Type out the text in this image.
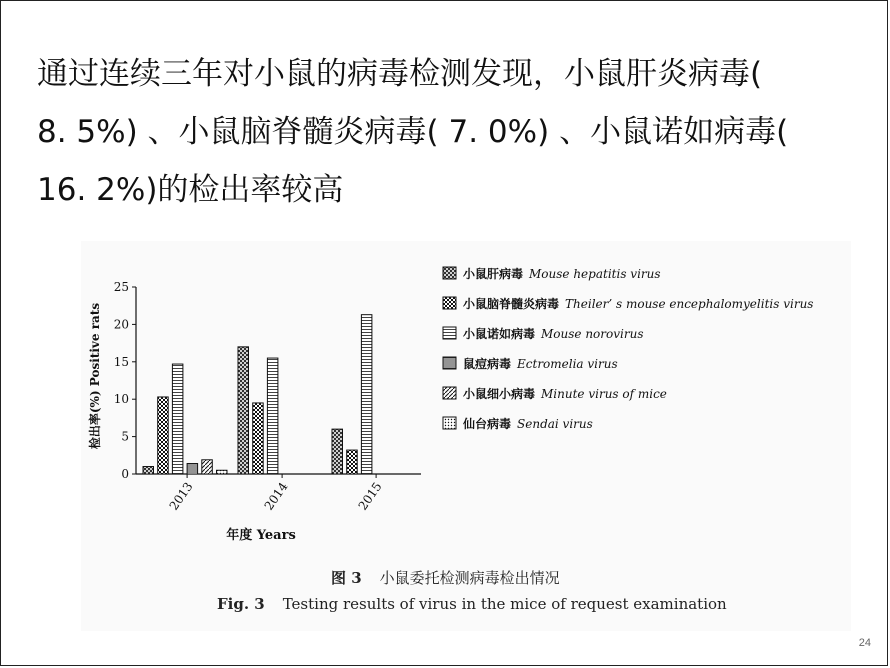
通过连续三年对小鼠的病毒检测发现，小鼠肝炎病毒(
8. 5%) 、小鼠脑脊髓炎病毒( 7. 0%) 、小鼠诺如病毒(
16. 2%)的检出率较高

0
5
10
15
20
25
2013	2014	2015
检出率(%) Positive rats
年度 Years
小鼠肝病毒 Mouse hepatitis virus
小鼠脑脊髓炎病毒 Theiler’ s mouse encephalomyelitis virus
小鼠诺如病毒 Mouse norovirus
鼠痘病毒 Ectromelia virus
小鼠细小病毒 Minute virus of mice
仙台病毒 Sendai virus
图 3 小鼠委托检测病毒检出情况
Fig. 3 Testing results of virus in the mice of request examination
24
